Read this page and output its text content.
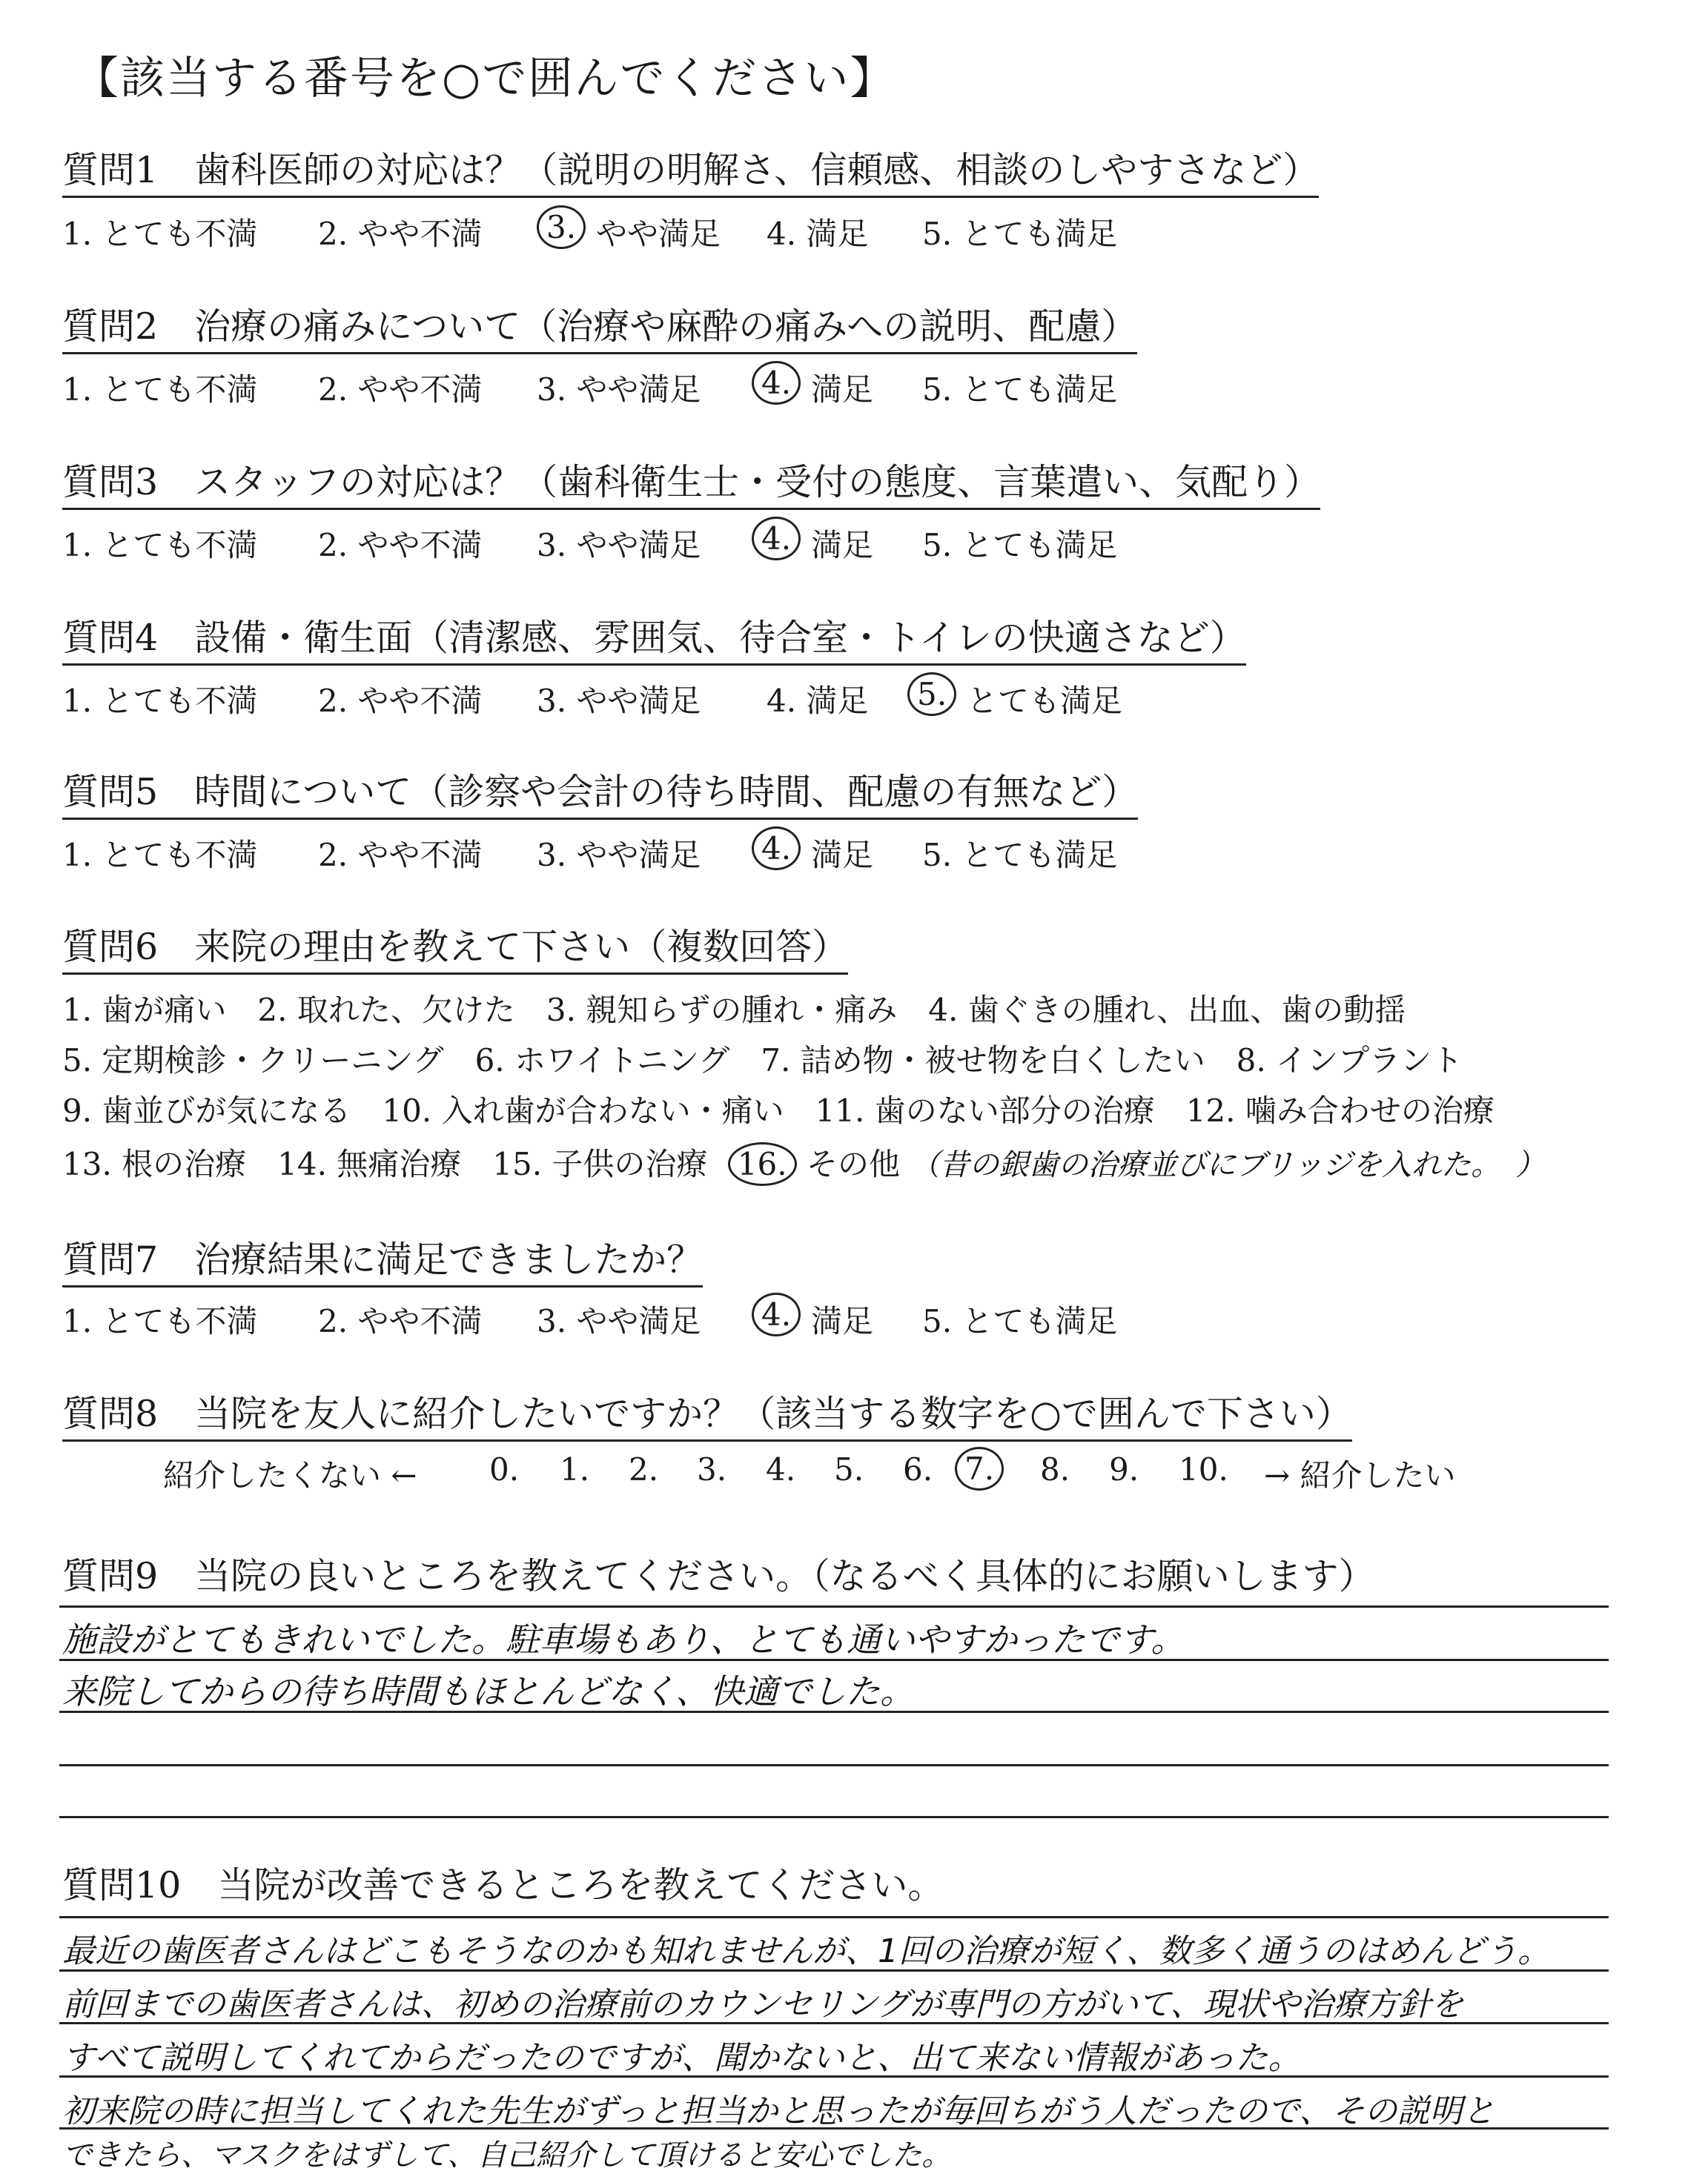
【該当する番号を○で囲んでください】
質問1　歯科医師の対応は？（説明の明解さ、信頼感、相談のしやすさなど）
1. とても不満 2. やや不満	3. やや満足 4. 満足 5. とても満足
質問2　治療の痛みについて（治療や麻酔の痛みへの説明、配慮）
1. とても不満 2. やや不満 3. やや満足	4. 満足 5. とても満足
質問3　スタッフの対応は？（歯科衛生士・受付の態度、言葉遣い、気配り）
1. とても不満 2. やや不満 3. やや満足	4. 満足 5. とても満足
質問4　設備・衛生面（清潔感、雰囲気、待合室・トイレの快適さなど）
1. とても不満 2. やや不満 3. やや満足 4. 満足	5. とても満足
質問5　時間について（診察や会計の待ち時間、配慮の有無など）
1. とても不満 2. やや不満 3. やや満足	4. 満足 5. とても満足
質問6　来院の理由を教えて下さい（複数回答）
1. 歯が痛い　2. 取れた、欠けた　3. 親知らずの腫れ・痛み　4. 歯ぐきの腫れ、出血、歯の動揺
5. 定期検診・クリーニング　6. ホワイトニング　7. 詰め物・被せ物を白くしたい　8. インプラント
9. 歯並びが気になる　10. 入れ歯が合わない・痛い　11. 歯のない部分の治療　12. 噛み合わせの治療
13. 根の治療　14. 無痛治療　15. 子供の治療 16. その他 （昔の銀歯の治療並びにブリッジを入れた。　）
質問7　治療結果に満足できましたか？
1. とても不満 2. やや不満 3. やや満足	4. 満足 5. とても満足
質問8　当院を友人に紹介したいですか？（該当する数字を○で囲んで下さい）
紹介したくない ← 0. 1. 2. 3. 4. 5. 6.	7.	8. 9. 10. → 紹介したい
質問9　当院の良いところを教えてください。（なるべく具体的にお願いします）
施設がとてもきれいでした。駐車場もあり、とても通いやすかったです。
来院してからの待ち時間もほとんどなく、快適でした。
質問10　当院が改善できるところを教えてください。
最近の歯医者さんはどこもそうなのかも知れませんが、1回の治療が短く、数多く通うのはめんどう。
前回までの歯医者さんは、初めの治療前のカウンセリングが専門の方がいて、現状や治療方針を
すべて説明してくれてからだったのですが、聞かないと、出て来ない情報があった。
初来院の時に担当してくれた先生がずっと担当かと思ったが毎回ちがう人だったので、その説明と
できたら、マスクをはずして、自己紹介して頂けると安心でした。
